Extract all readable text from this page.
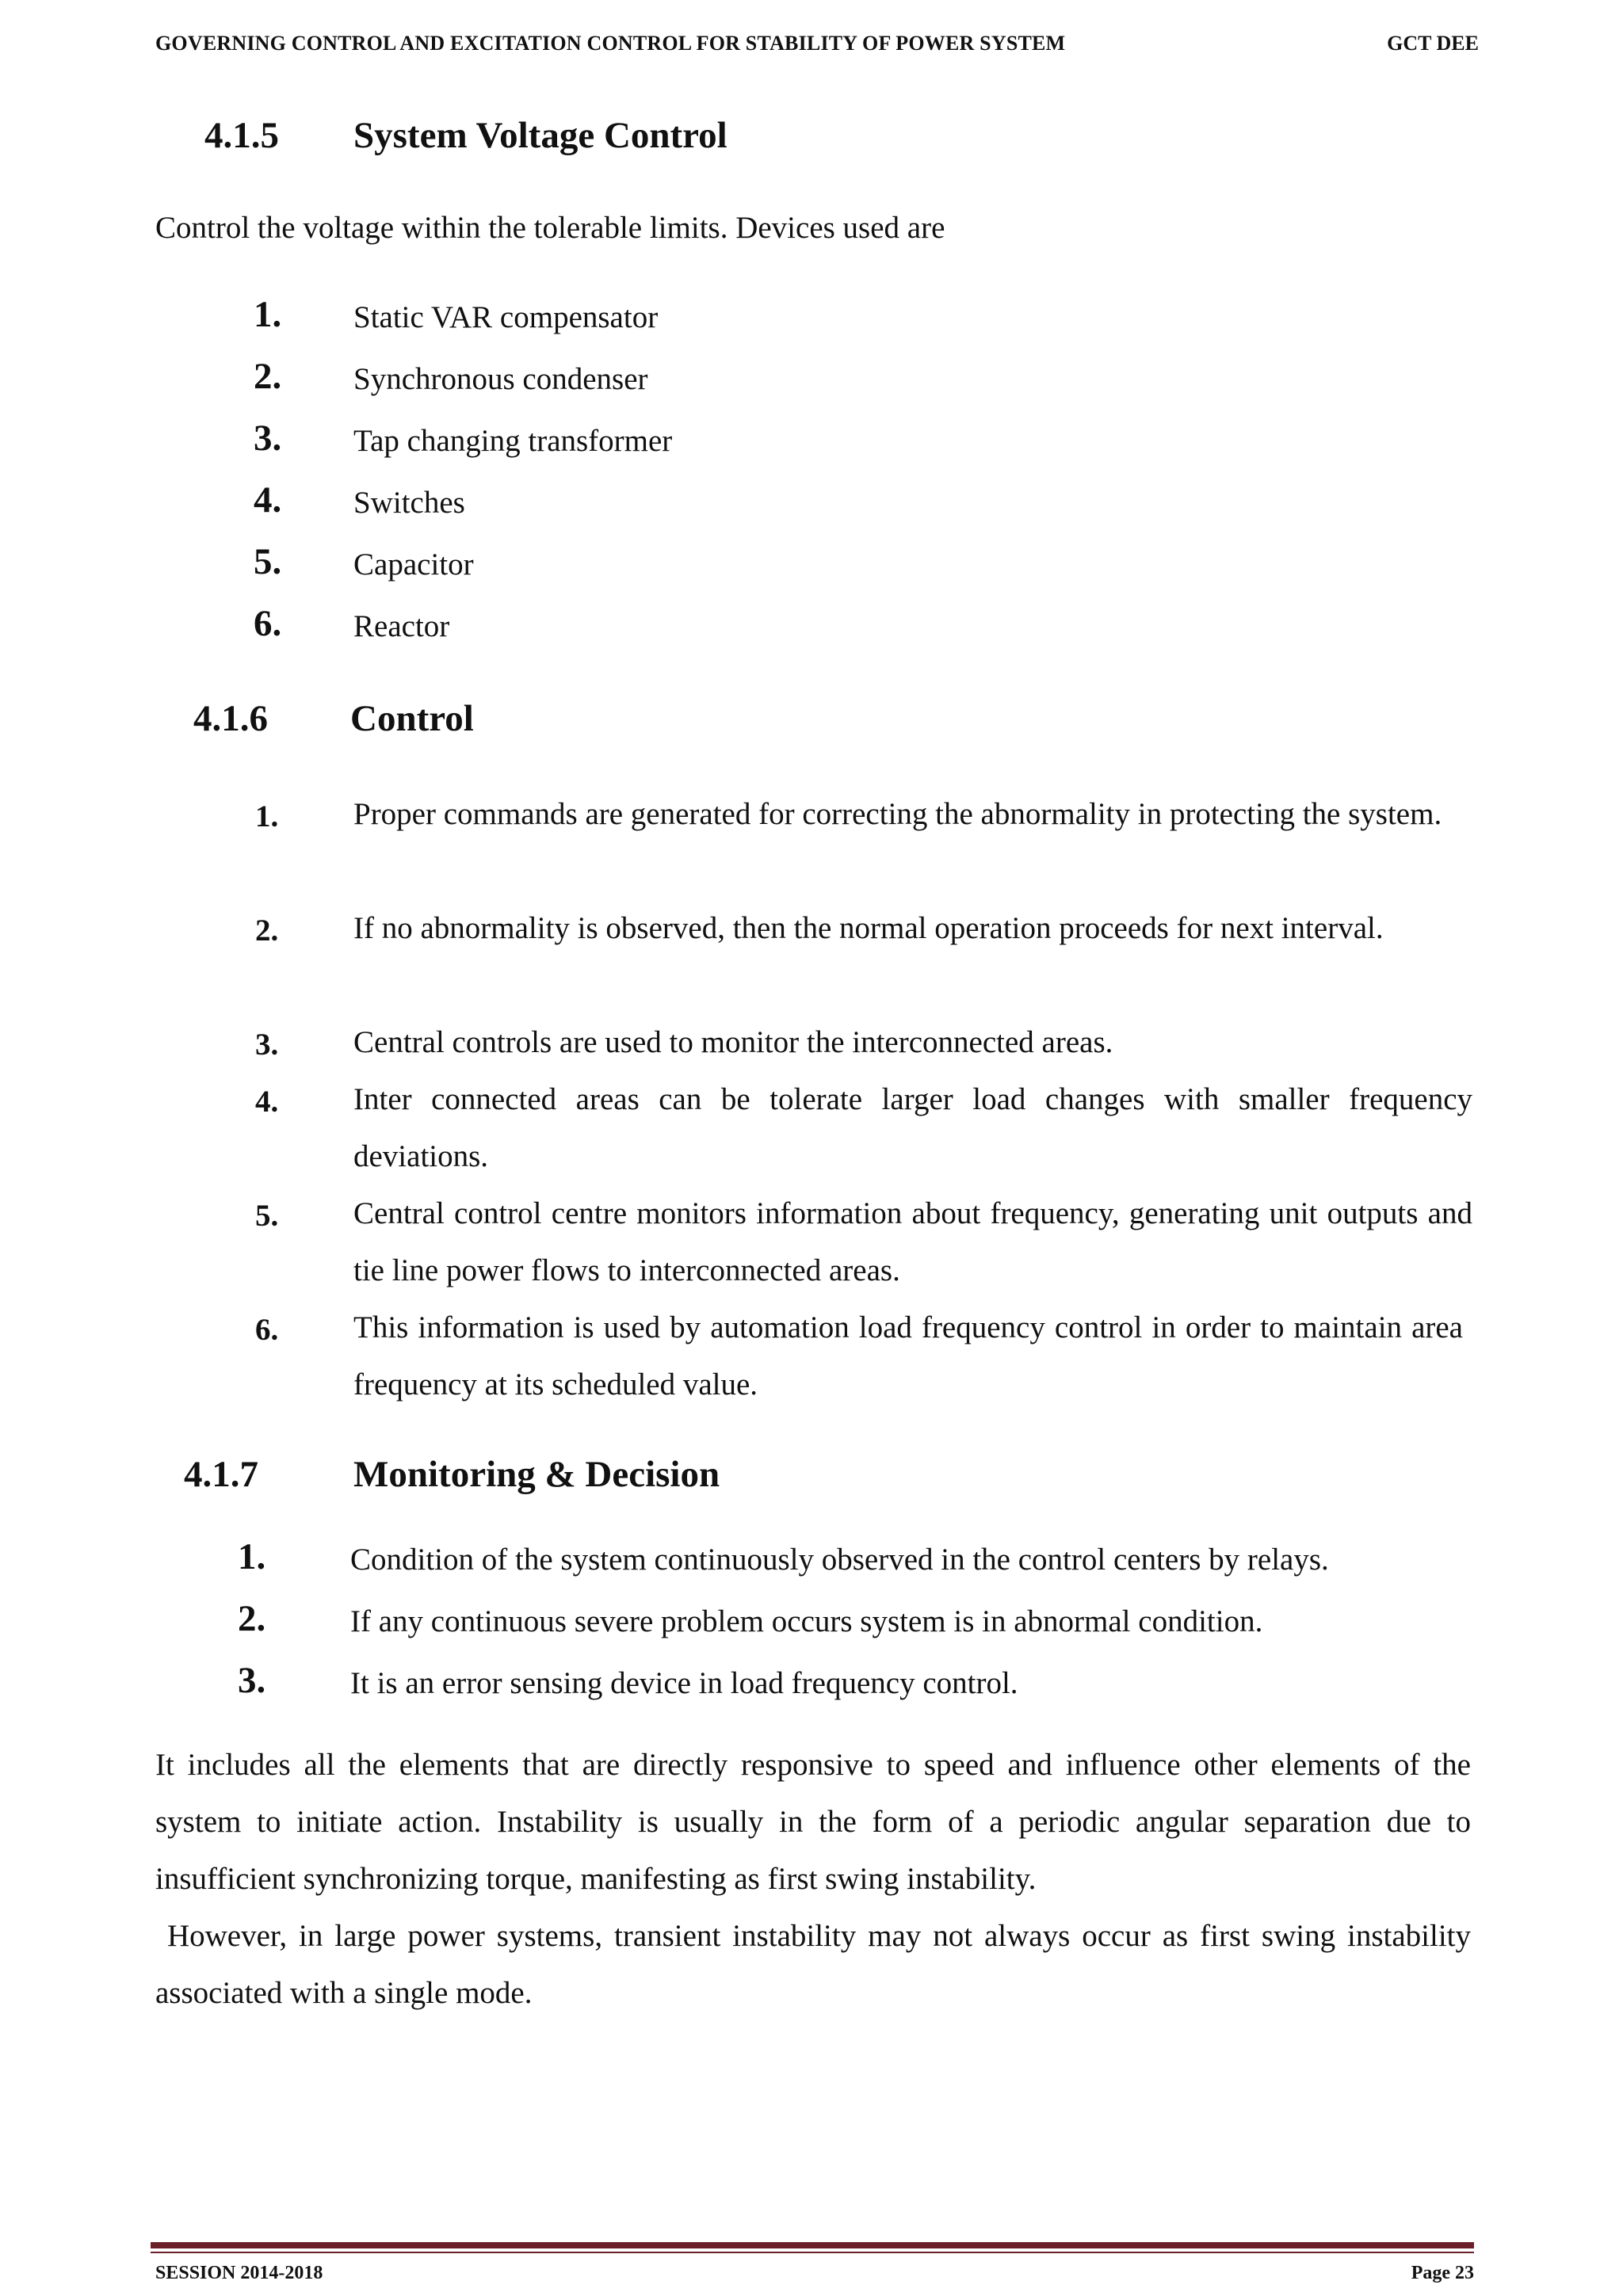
GOVERNING CONTROL AND EXCITATION CONTROL FOR STABILITY OF POWER SYSTEM	GCT DEE
4.1.5 System Voltage Control
Control the voltage within the tolerable limits. Devices used are
1. Static VAR compensator
2. Synchronous condenser
3. Tap changing transformer
4. Switches
5. Capacitor
6. Reactor
4.1.6 Control
1. Proper commands are generated for correcting the abnormality in protecting the system.
2. If no abnormality is observed, then the normal operation proceeds for next interval.
3. Central controls are used to monitor the interconnected areas.
4. Inter connected areas can be tolerate larger load changes with smaller frequency deviations.
5. Central control centre monitors information about frequency, generating unit outputs and tie line power flows to interconnected areas.
6. This information is used by automation load frequency control in order to maintain area frequency at its scheduled value.
4.1.7	Monitoring & Decision
1.	Condition of the system continuously observed in the control centers by relays.
2.	If any continuous severe problem occurs system is in abnormal condition.
3.	It is an error sensing device in load frequency control.
It includes all the elements that are directly responsive to speed and influence other elements of the system to initiate action. Instability is usually in the form of a periodic angular separation due to insufficient synchronizing torque, manifesting as first swing instability.
However, in large power systems, transient instability may not always occur as first swing instability associated with a single mode.
SESSION 2014-2018	Page 23
